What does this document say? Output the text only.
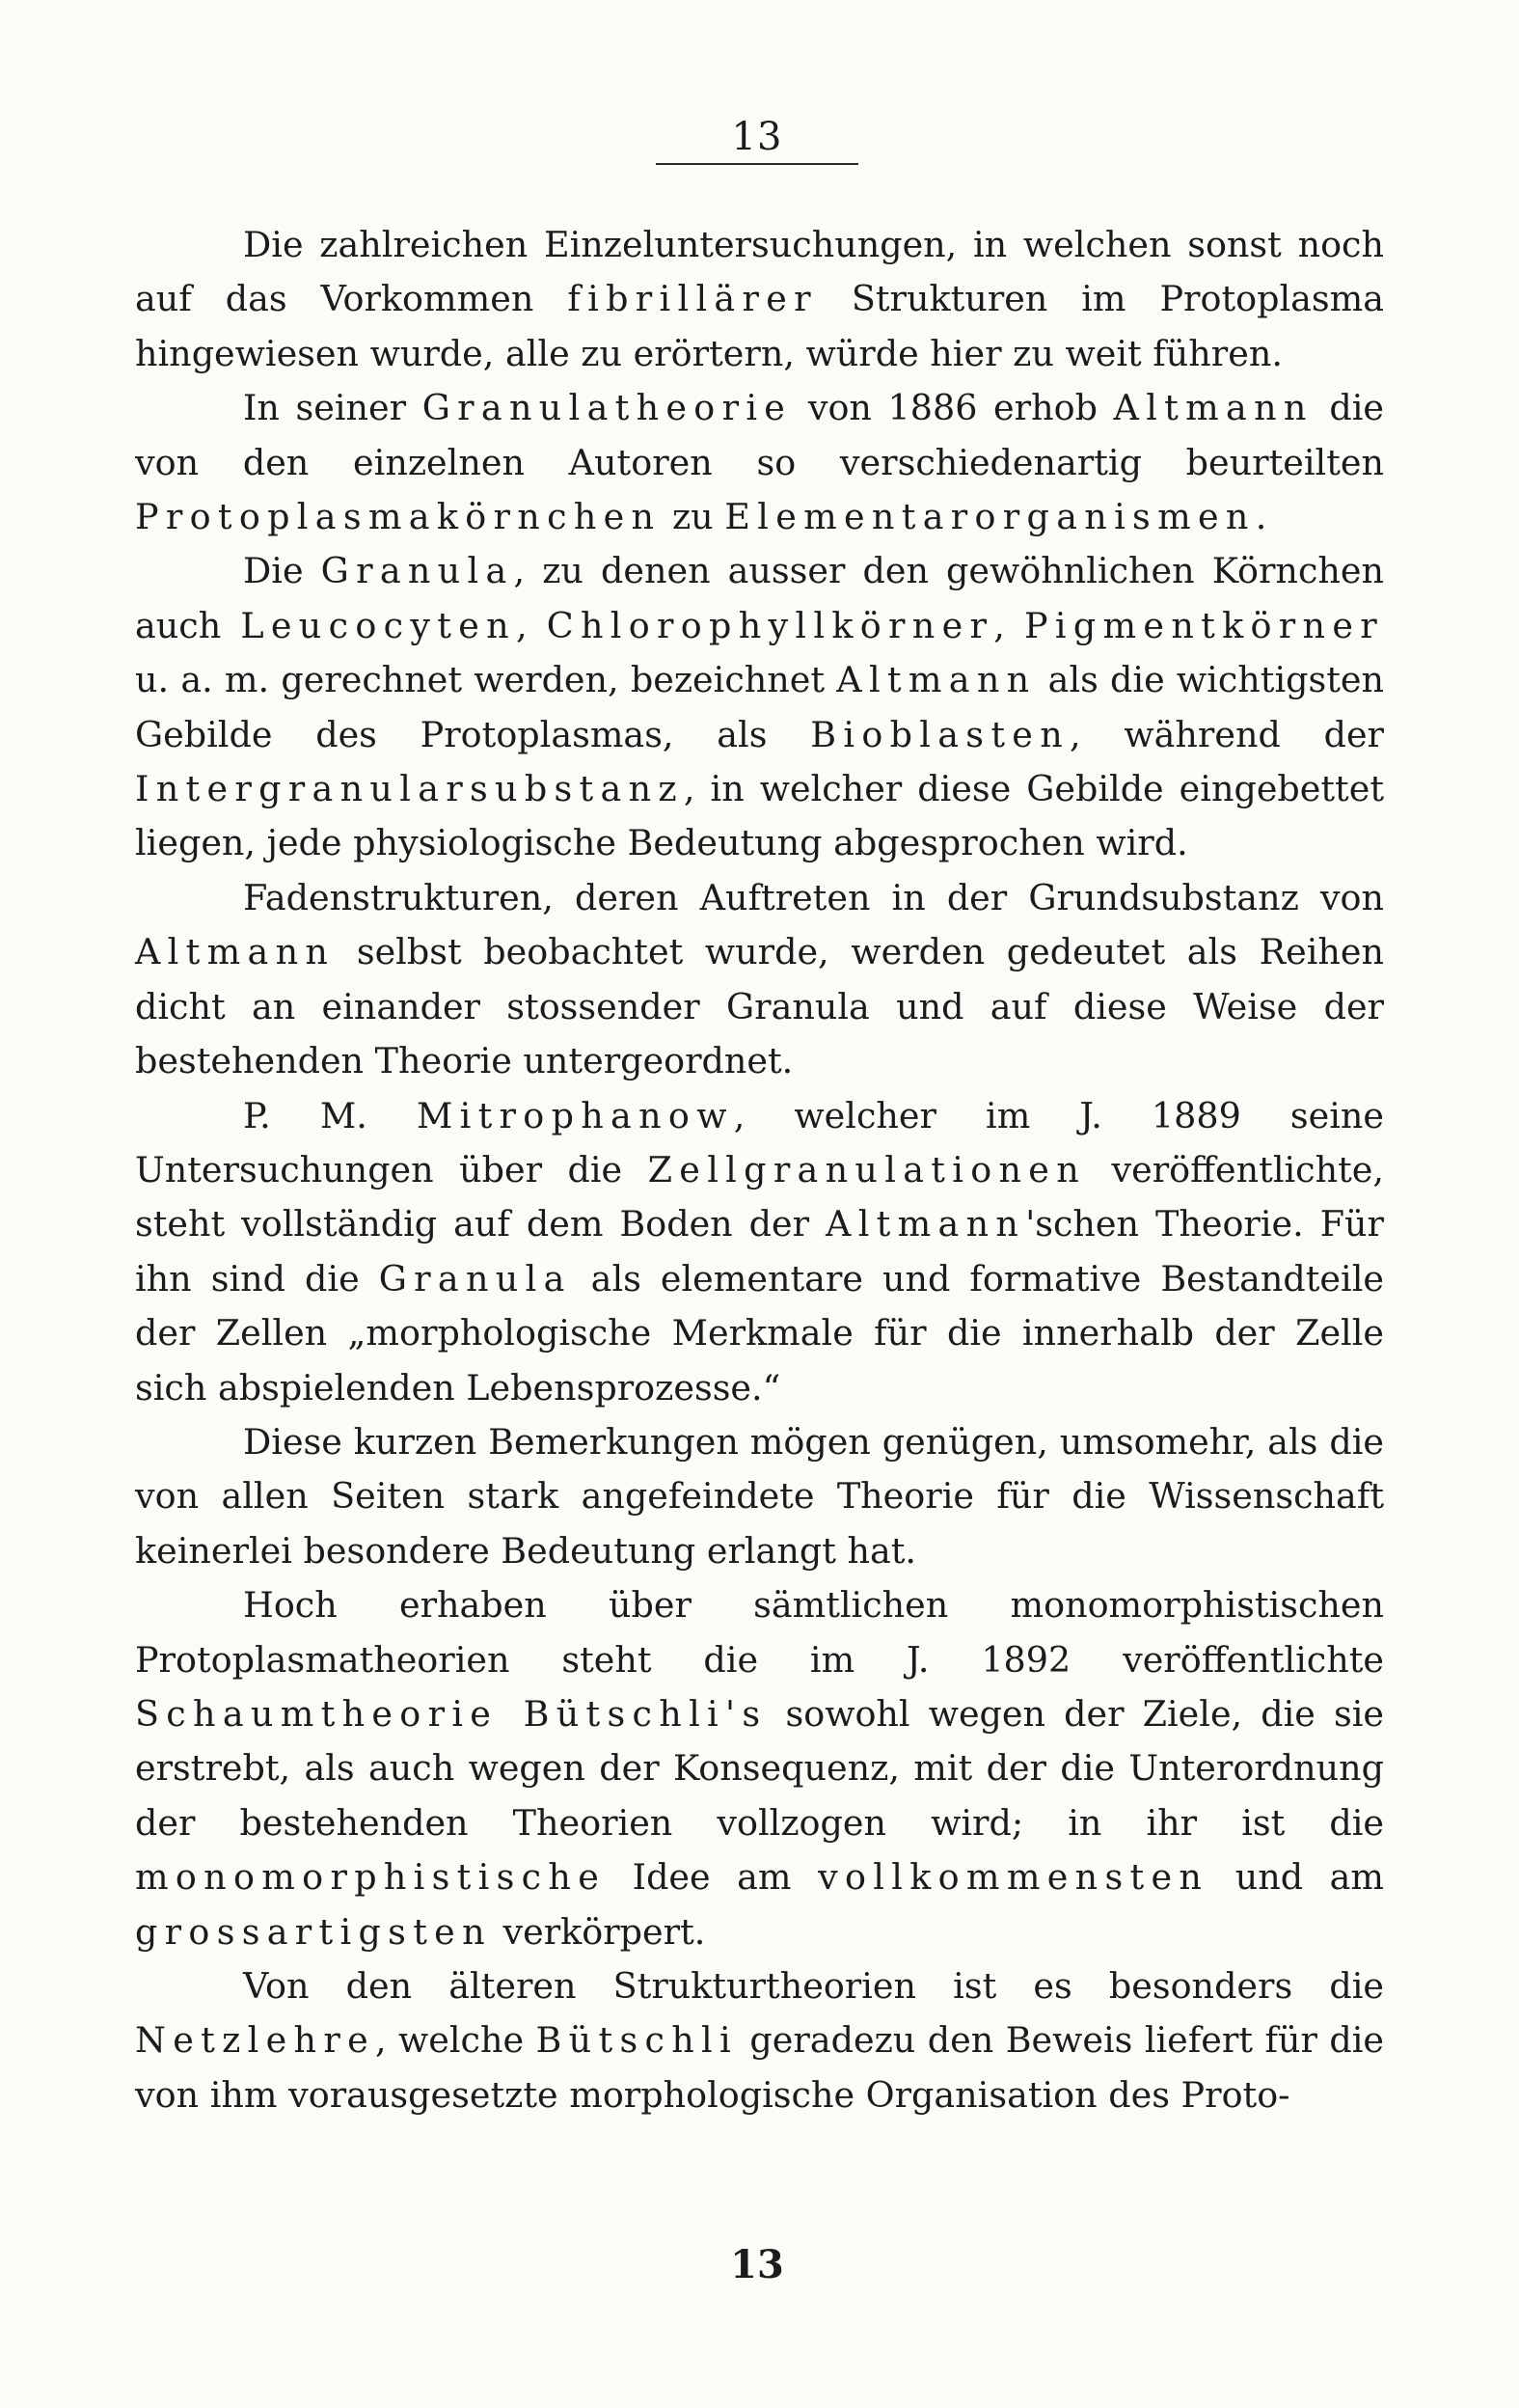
13

Die zahlreichen Einzeluntersuchungen, in welchen sonst noch auf das Vorkommen fibrillärer Strukturen im Protoplasma hingewiesen wurde, alle zu erörtern, würde hier zu weit führen.

In seiner Granulatheorie von 1886 erhob Altmann die von den einzelnen Autoren so verschiedenartig beurteilten Protoplasmakörnchen zu Elementarorganismen.

Die Granula, zu denen ausser den gewöhnlichen Körnchen auch Leucocyten, Chlorophyllkörner, Pigmentkörner u. a. m. gerechnet werden, bezeichnet Altmann als die wichtigsten Gebilde des Protoplasmas, als Bioblasten, während der Intergranularsubstanz, in welcher diese Gebilde eingebettet liegen, jede physiologische Bedeutung abgesprochen wird.

Fadenstrukturen, deren Auftreten in der Grundsubstanz von Altmann selbst beobachtet wurde, werden gedeutet als Reihen dicht an einander stossender Granula und auf diese Weise der bestehenden Theorie untergeordnet.

P. M. Mitrophanow, welcher im J. 1889 seine Untersuchungen über die Zellgranulationen veröffentlichte, steht vollständig auf dem Boden der Altmann'schen Theorie. Für ihn sind die Granula als elementare und formative Bestandteile der Zellen „morphologische Merkmale für die innerhalb der Zelle sich abspielenden Lebensprozesse.“

Diese kurzen Bemerkungen mögen genügen, umsomehr, als die von allen Seiten stark angefeindete Theorie für die Wissenschaft keinerlei besondere Bedeutung erlangt hat.

Hoch erhaben über sämtlichen monomorphistischen Protoplasmatheorien steht die im J. 1892 veröffentlichte Schaumtheorie Bütschli's sowohl wegen der Ziele, die sie erstrebt, als auch wegen der Konsequenz, mit der die Unterordnung der bestehenden Theorien vollzogen wird; in ihr ist die monomorphistische Idee am vollkommensten und am grossartigsten verkörpert.

Von den älteren Strukturtheorien ist es besonders die Netzlehre, welche Bütschli geradezu den Beweis liefert für die von ihm vorausgesetzte morphologische Organisation des Proto-

13
